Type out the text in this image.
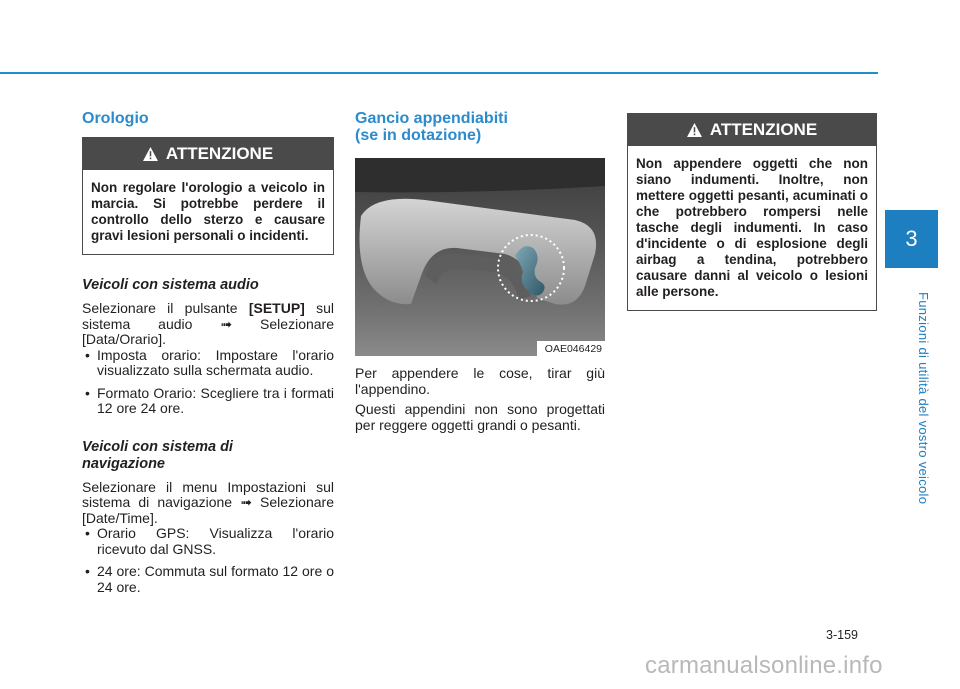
3
Funzioni di utilità del vostro veicolo
Orologio
ATTENZIONE
Non regolare l'orologio a veicolo in marcia. Si potrebbe perdere il controllo dello sterzo e causare gravi lesioni personali o incidenti.
Veicoli con sistema audio

Selezionare il pulsante [SETUP] sul sistema audio ➟ Selezionare [Data/Orario].

• Imposta orario: Impostare l'orario visualizzato sulla schermata audio.
• Formato Orario: Scegliere tra i formati 12 ore 24 ore.
Veicoli con sistema di
navigazione

Selezionare il menu Impostazioni sul sistema di navigazione ➟ Selezionare [Date/Time].

• Orario GPS: Visualizza l'orario ricevuto dal GNSS.
• 24 ore: Commuta sul formato 12 ore o 24 ore.
Gancio appendiabiti
(se in dotazione)
OAE046429

Per appendere le cose, tirar giù l'appendino.

Questi appendini non sono progettati per reggere oggetti grandi o pesanti.

ATTENZIONE
Non appendere oggetti che non siano indumenti. Inoltre, non mettere oggetti pesanti, acuminati o che potrebbero rompersi nelle tasche degli indumenti. In caso d'incidente o di esplosione degli airbag a tendina, potrebbero causare danni al veicolo o lesioni alle persone.
3-159
carmanualsonline.info
